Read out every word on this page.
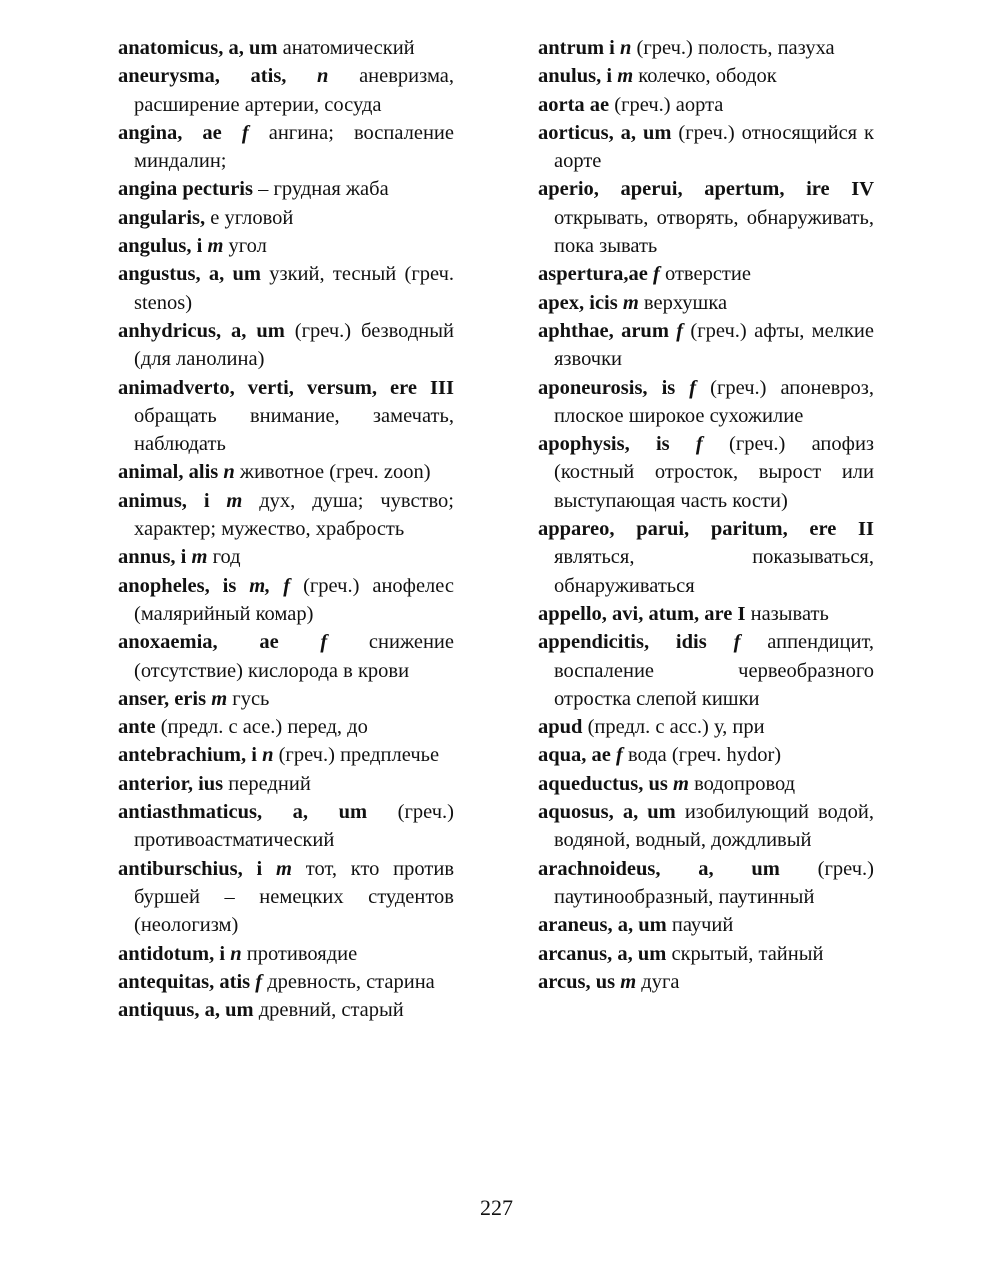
anatomicus, a, um анатомический

aneurysma, atis, n аневризма, расширение артерии, сосуда

angina, ae f ангина; воспаление миндалин;

angina pecturis – грудная жаба

angularis, е угловой

angulus, i m угол

angustus, a, um узкий, тесный (греч. stenos)

anhydricus, a, um (греч.) безводный (для ланолина)

animadverto, verti, versum, ere III обращать внимание, замечать, наблюдать

animal, alis n животное (греч. zoon)

animus, i m дух, душа; чувство; характер; мужество, храбрость

annus, i m год

anopheles, is m, f (греч.) анофелес (малярийный комар)

anoxaemia, ae f снижение (отсутствие) кислорода в крови

anser, eris m гусь

ante (предл. с асе.) перед, до

antebrachium, i n (греч.) предплечье

anterior, ius передний

antiasthmaticus, a, um (греч.) противоастматический

antiburschius, i m тот, кто против буршей – немецких студентов (неологизм)

antidotum, i n противоядие

antequitas, atis f древность, старина

antiquus, a, um древний, старый

antrum i n (греч.) полость, пазуха

anulus, i m колечко, ободок

aorta ae (греч.) аорта

aorticus, a, um (греч.) относящийся к аорте

aperio, aperui, apertum, ire IV открывать, отворять, обнаруживать, пока зывать

aspertura,ae f отверстие

apex, icis m верхушка

aphthae, arum f (греч.) афты, мелкие язвочки

aponeurosis, is f (греч.) апоневроз, плоское широкое сухожилие

apophysis, is f (греч.) апофиз (костный отросток, вырост или выступающая часть кости)

appareo, parui, paritum, ere II являться, показываться, обнаруживаться

appello, avi, atum, are I называть

appendicitis, idis f аппендицит, воспаление червеобразного отростка слепой кишки

apud (предл. с асс.) у, при

aqua, ae f вода (греч. hydor)

aqueductus, us m водопровод

aquosus, a, um изобилующий водой, водяной, водный, дождливый

arachnoideus, a, um (греч.) паутинообразный, паутинный

araneus, a, um паучий

arcanus, a, um скрытый, тайный

arcus, us m дуга

227
